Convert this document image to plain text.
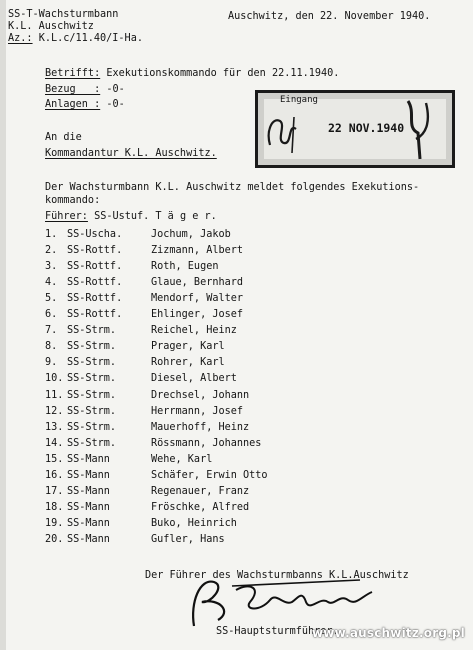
SS-T-Wachsturmbann
K.L. Auschwitz
Az.: K.L.c/11.40/I-Ha.
Auschwitz, den 22. November 1940.
Betrifft: Exekutionskommando für den 22.11.1940.
Bezug   : -0-
Anlagen : -0-	Eingang
22 NOV.1940
An die
Kommandantur K.L. Auschwitz.
Der Wachsturmbann K.L. Auschwitz meldet folgendes Exekutions-
kommando:
Führer: SS-Ustuf. T ä g e r.
1. SS-Uscha.	Jochum, Jakob
2. SS-Rottf.	Zizmann, Albert
3. SS-Rottf.	Roth, Eugen
4. SS-Rottf.	Glaue, Bernhard
5. SS-Rottf.	Mendorf, Walter
6. SS-Rottf.	Ehlinger, Josef
7. SS-Strm.	Reichel, Heinz
8. SS-Strm.	Prager, Karl
9. SS-Strm.	Rohrer, Karl
10. SS-Strm.	Diesel, Albert
11. SS-Strm.	Drechsel, Johann
12. SS-Strm.	Herrmann, Josef
13. SS-Strm.	Mauerhoff, Heinz
14. SS-Strm.	Rössmann, Johannes
15. SS-Mann	Wehe, Karl
16. SS-Mann	Schäfer, Erwin Otto
17. SS-Mann	Regenauer, Franz
18. SS-Mann	Fröschke, Alfred
19. SS-Mann	Buko, Heinrich
20. SS-Mann	Gufler, Hans
Der Führer des Wachsturmbanns K.L.Auschwitz
SS-Hauptsturmführer.
www.auschwitz.org.pl
